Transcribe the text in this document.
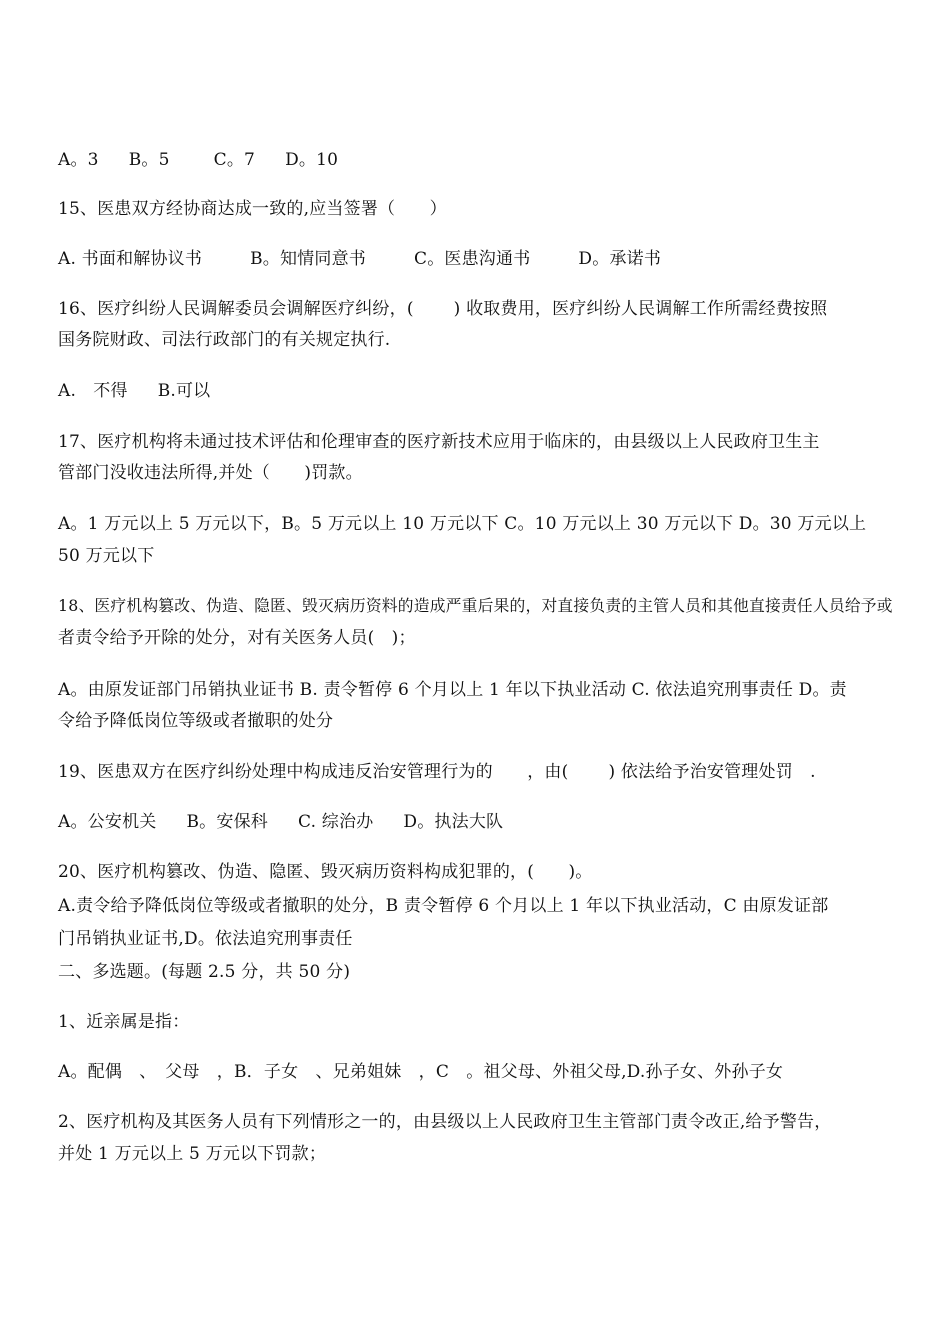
A。3 B。5	C。7 D。10
15、医患双方经协商达成一致的,应当签署（　　）
A. 书面和解协议书	B。知情同意书	C。医患沟通书	D。承诺书
16、医疗纠纷人民调解委员会调解医疗纠纷，(　　 ) 收取费用，医疗纠纷人民调解工作所需经费按照
国务院财政、司法行政部门的有关规定执行.
A.　不得 B.可以
17、医疗机构将未通过技术评估和伦理审查的医疗新技术应用于临床的，由县级以上人民政府卫生主
管部门没收违法所得,并处（　　)罚款。
A。1 万元以上 5 万元以下，B。5 万元以上 10 万元以下 C。10 万元以上 30 万元以下 D。30 万元以上
50 万元以下
18、医疗机构篡改、伪造、隐匿、毁灭病历资料的造成严重后果的，对直接负责的主管人员和其他直接责任人员给予或
者责令给予开除的处分，对有关医务人员(　)；
A。由原发证部门吊销执业证书 B. 责令暂停 6 个月以上 1 年以下执业活动 C. 依法追究刑事责任 D。责
令给予降低岗位等级或者撤职的处分
19、医患双方在医疗纠纷处理中构成违反治安管理行为的　　，由(　　 ) 依法给予治安管理处罚　.
A。公安机关 B。安保科 C. 综治办 D。执法大队
20、医疗机构篡改、伪造、隐匿、毁灭病历资料构成犯罪的，(　　)。
A.责令给予降低岗位等级或者撤职的处分，B 责令暂停 6 个月以上 1 年以下执业活动，C 由原发证部
门吊销执业证书,D。依法追究刑事责任
二、多选题。(每题 2.5 分，共 50 分)
1、近亲属是指：
A。配偶　、　父母　，B．子女　、兄弟姐妹　，C　。祖父母、外祖父母,D.孙子女、外孙子女
2、医疗机构及其医务人员有下列情形之一的，由县级以上人民政府卫生主管部门责令改正,给予警告，
并处 1 万元以上 5 万元以下罚款；
